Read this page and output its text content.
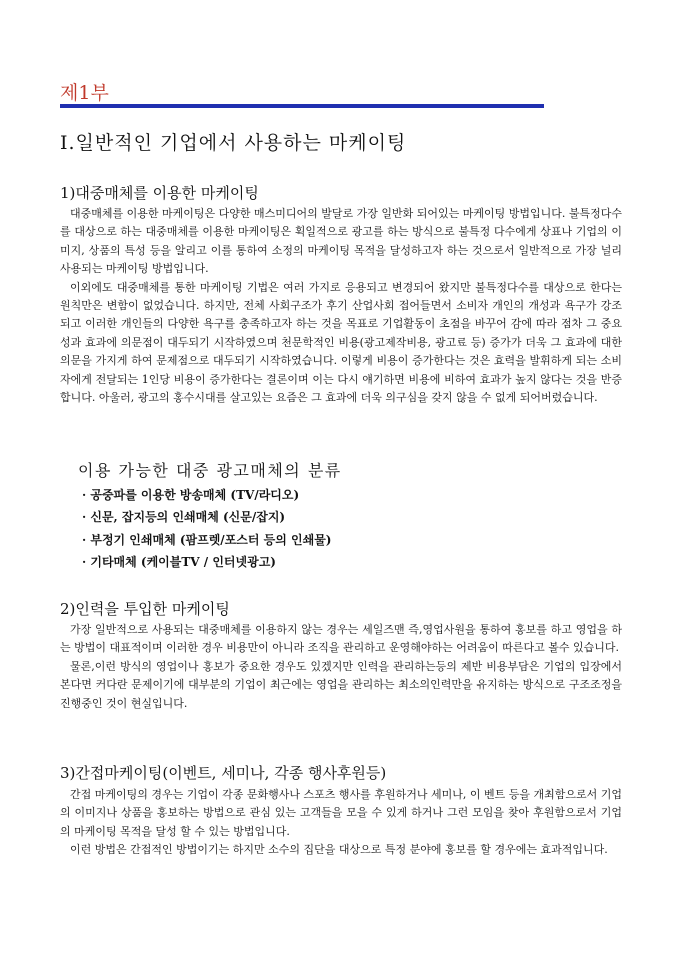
제1부
I.일반적인 기업에서 사용하는 마케이팅
1)대중매체를 이용한 마케이팅

대중매체를 이용한 마케이팅은 다양한 매스미디어의 발달로 가장 일반화 되어있는 마케이팅 방법입니다. 불특정다수를 대상으로 하는 대중매체를 이용한 마케이팅은 획일적으로 광고를 하는 방식으로 불특정 다수에게 상표나 기업의 이미지, 상품의 특성 등을 알리고 이를 통하여 소정의 마케이팅 목적을 달성하고자 하는 것으로서 일반적으로 가장 널리 사용되는 마케이팅 방법입니다.

이외에도 대중매체를 통한 마케이팅 기법은 여러 가지로 응용되고 변경되어 왔지만 불특정다수를 대상으로 한다는 원칙만은 변함이 없었습니다. 하지만, 전체 사회구조가 후기 산업사회 접어들면서 소비자 개인의 개성과 욕구가 강조되고 이러한 개인들의 다양한 욕구를 충족하고자 하는 것을 목표로 기업활동이 초점을 바꾸어 감에 따라 점차 그 중요성과 효과에 의문점이 대두되기 시작하였으며 천문학적인 비용(광고제작비용, 광고료 등) 증가가 더욱 그 효과에 대한 의문을 가지게 하여 문제점으로 대두되기 시작하였습니다. 이렇게 비용이 증가한다는 것은 효력을 발휘하게 되는 소비자에게 전달되는 1인당 비용이 증가한다는 결론이며 이는 다시 얘기하면 비용에 비하여 효과가 높지 않다는 것을 반증합니다. 아울러, 광고의 홍수시대를 살고있는 요즘은 그 효과에 더욱 의구심을 갖지 않을 수 없게 되어버렸습니다.

이용 가능한 대중 광고매체의 분류
· 공중파를 이용한 방송매체 (TV/라디오)
· 신문, 잡지등의 인쇄매체 (신문/잡지)
· 부정기 인쇄매체 (팜프렛/포스터 등의 인쇄물)
· 기타매체 (케이블TV / 인터넷광고)
2)인력을 투입한 마케이팅

가장 일반적으로 사용되는 대중매체를 이용하지 않는 경우는 세일즈맨 즉,영업사원을 통하여 홍보를 하고 영업을 하는 방법이 대표적이며 이러한 경우 비용만이 아니라 조직을 관리하고 운영해야하는 어려움이 따른다고 볼수 있습니다.

물론,이런 방식의 영업이나 홍보가 중요한 경우도 있겠지만 인력을 관리하는등의 제반 비용부담은 기업의 입장에서 본다면 커다란 문제이기에 대부분의 기업이 최근에는 영업을 관리하는 최소의인력만을 유지하는 방식으로 구조조정을 진행중인 것이 현실입니다.

3)간접마케이팅(이벤트, 세미나, 각종 행사후원등)

간접 마케이팅의 경우는 기업이 각종 문화행사나 스포츠 행사를 후원하거나 세미나, 이 벤트 등을 개최함으로서 기업의 이미지나 상품을 홍보하는 방법으로 관심 있는 고객들을 모을 수 있게 하거나 그런 모임을 찾아 후원함으로서 기업의 마케이팅 목적을 달성 할 수 있는 방법입니다.

이런 방법은 간접적인 방법이기는 하지만 소수의 집단을 대상으로 특정 분야에 홍보를 할 경우에는 효과적입니다.
